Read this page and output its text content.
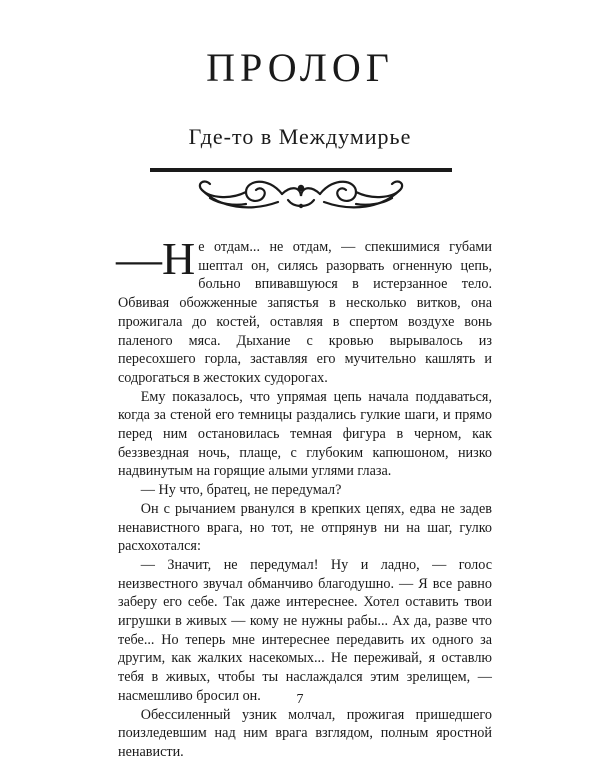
ПРОЛОГ
Где-то в Междумирье

—Н е отдам... не отдам, — спекшимися губами шептал он, силясь разорвать огненную цепь, больно впивавшуюся в истерзанное тело. Обвивая обожженные запястья в несколько витков, она прожигала до костей, оставляя в спертом воздухе вонь паленого мяса. Дыхание с кровью вырывалось из пересохшего горла, заставляя его мучительно кашлять и содрогаться в жестоких судорогах.

Ему показалось, что упрямая цепь начала поддаваться, когда за стеной его темницы раздались гулкие шаги, и прямо перед ним остановилась темная фигура в черном, как беззвездная ночь, плаще, с глубоким капюшоном, низко надвинутым на горящие алыми углями глаза.

— Ну что, братец, не передумал?

Он с рычанием рванулся в крепких цепях, едва не задев ненавистного врага, но тот, не отпрянув ни на шаг, гулко расхохотался:

— Значит, не передумал! Ну и ладно, — голос неизвестного звучал обманчиво благодушно. — Я все равно заберу его себе. Так даже интереснее. Хотел оставить твои игрушки в живых — кому не нужны рабы... Ах да, разве что тебе... Но теперь мне интереснее передавить их одного за другим, как жалких насекомых... Не переживай, я оставлю тебя в живых, чтобы ты наслаждался этим зрелищем, — насмешливо бросил он.

Обессиленный узник молчал, прожигая пришедшего поизледевшим над ним врага взглядом, полным яростной ненависти.

7
